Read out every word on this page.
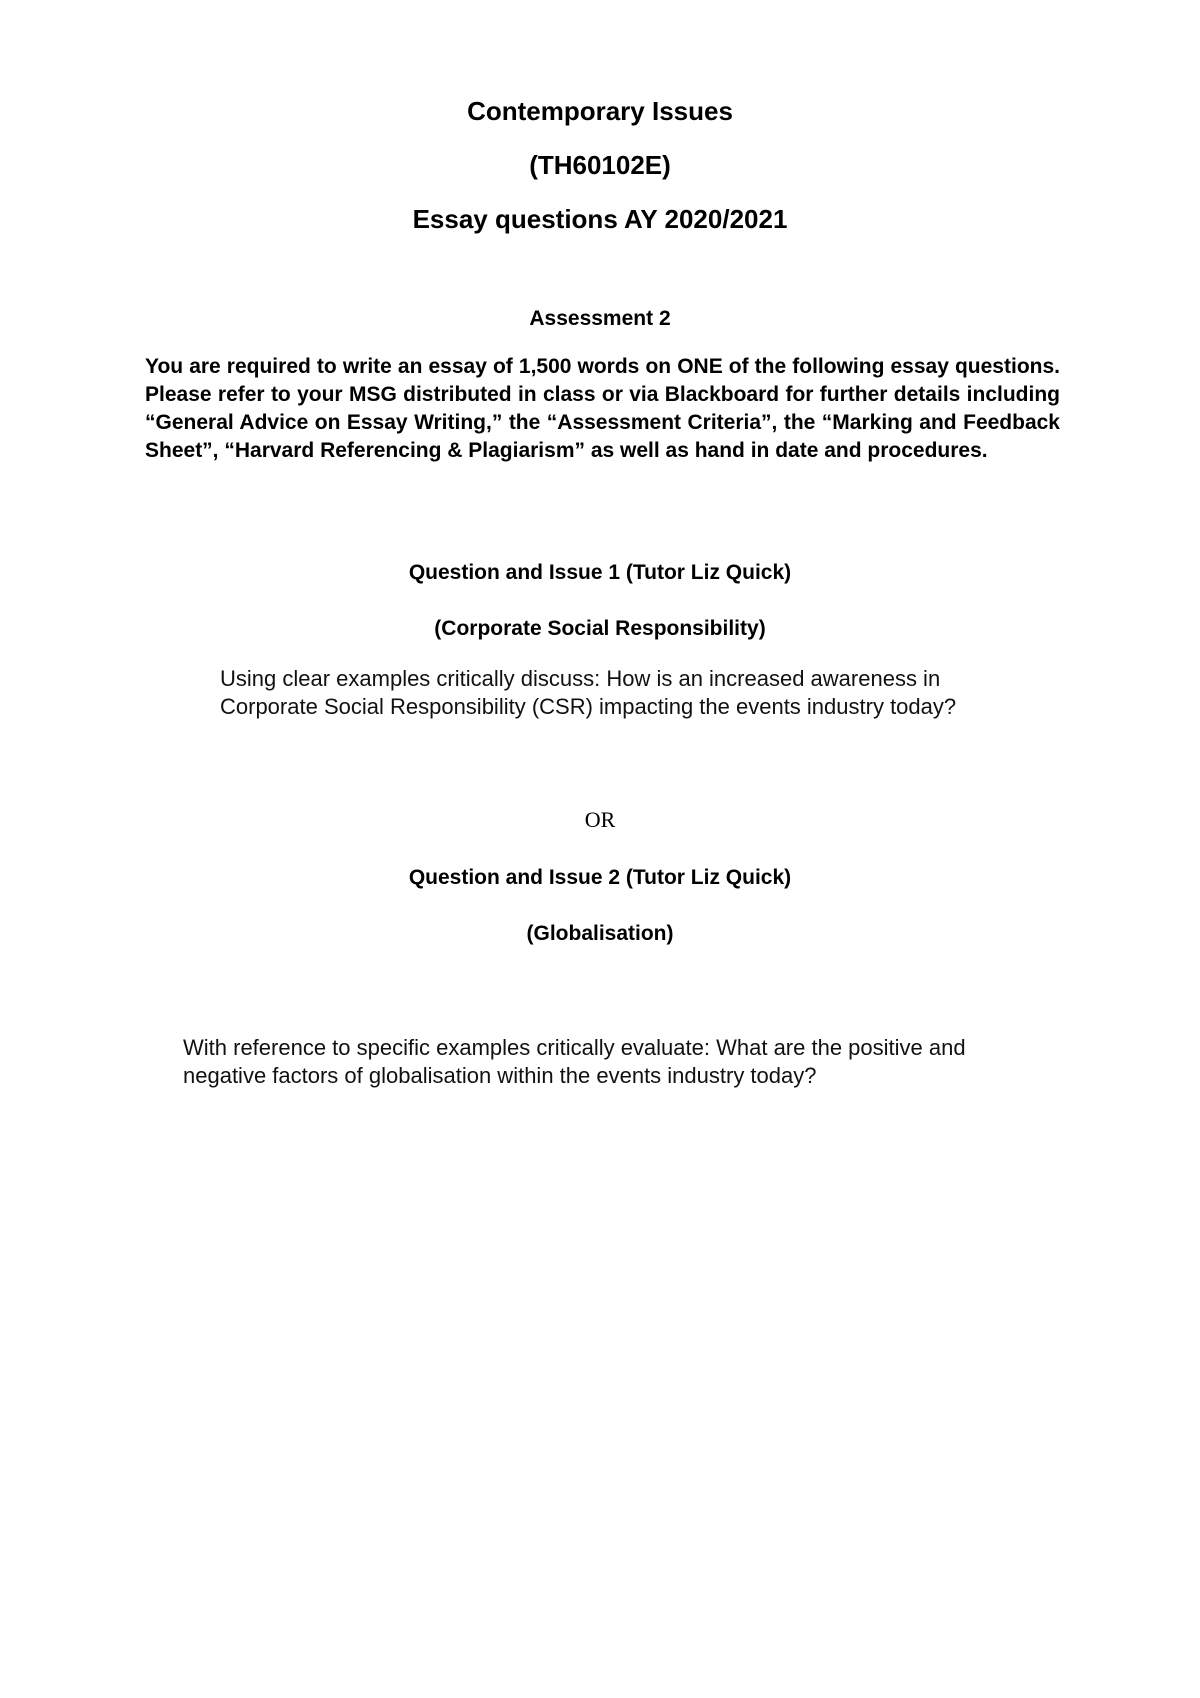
Contemporary Issues
(TH60102E)
Essay questions AY 2020/2021
Assessment 2
You are required to write an essay of 1,500 words on ONE of the following essay questions. Please refer to your MSG distributed in class or via Blackboard for further details including “General Advice on Essay Writing,” the “Assessment Criteria”, the “Marking and Feedback Sheet”, “Harvard Referencing & Plagiarism” as well as hand in date and procedures.
Question and Issue 1 (Tutor Liz Quick)
(Corporate Social Responsibility)
Using clear examples critically discuss: How is an increased awareness in
Corporate Social Responsibility (CSR) impacting the events industry today?
OR
Question and Issue 2 (Tutor Liz Quick)
(Globalisation)
With reference to specific examples critically evaluate: What are the positive and
negative factors of globalisation within the events industry today?
